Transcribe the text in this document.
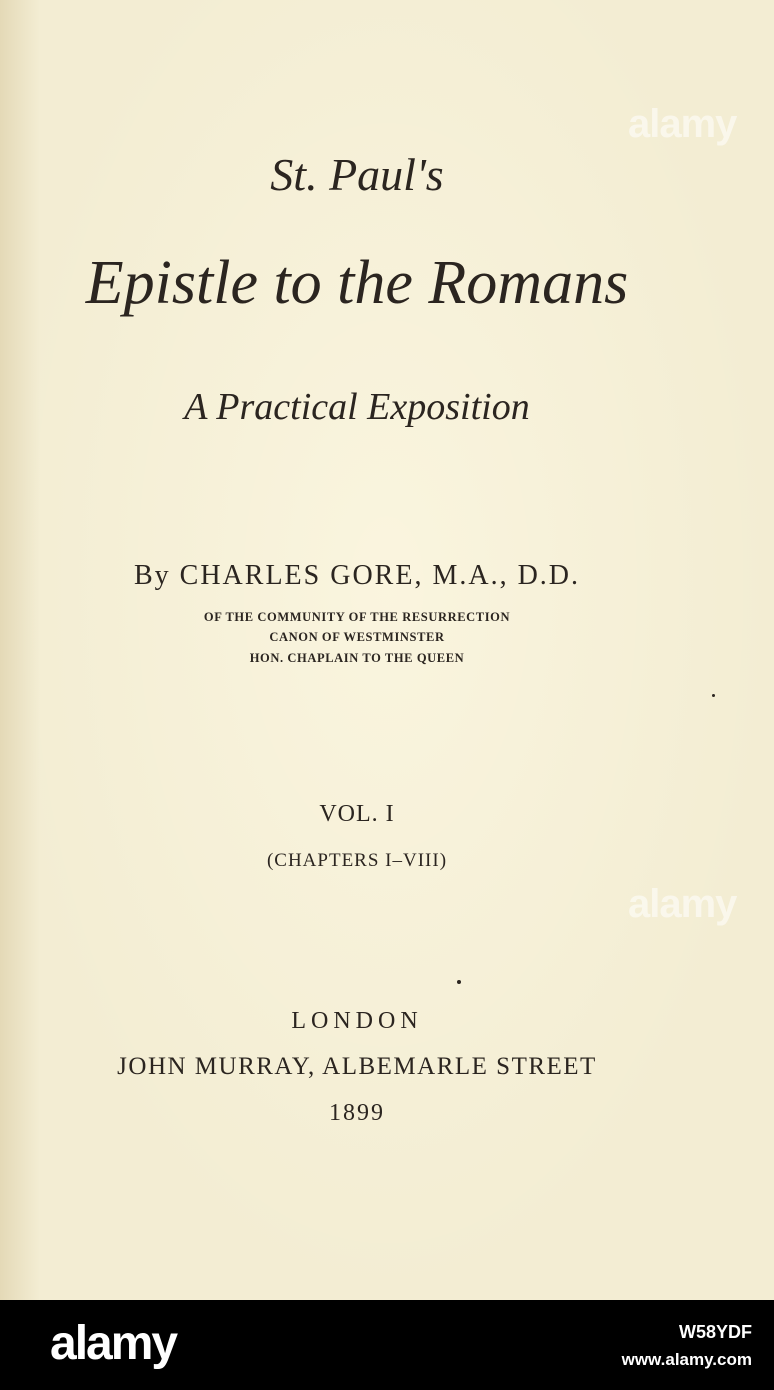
St. Paul's
Epistle to the Romans
A Practical Exposition
By CHARLES GORE, M.A., D.D.
OF THE COMMUNITY OF THE RESURRECTION
CANON OF WESTMINSTER
HON. CHAPLAIN TO THE QUEEN
VOL. I
(CHAPTERS I–VIII)
LONDON
JOHN MURRAY, ALBEMARLE STREET
1899
alamy
alamy
alamy	W58YDF
www.alamy.com
